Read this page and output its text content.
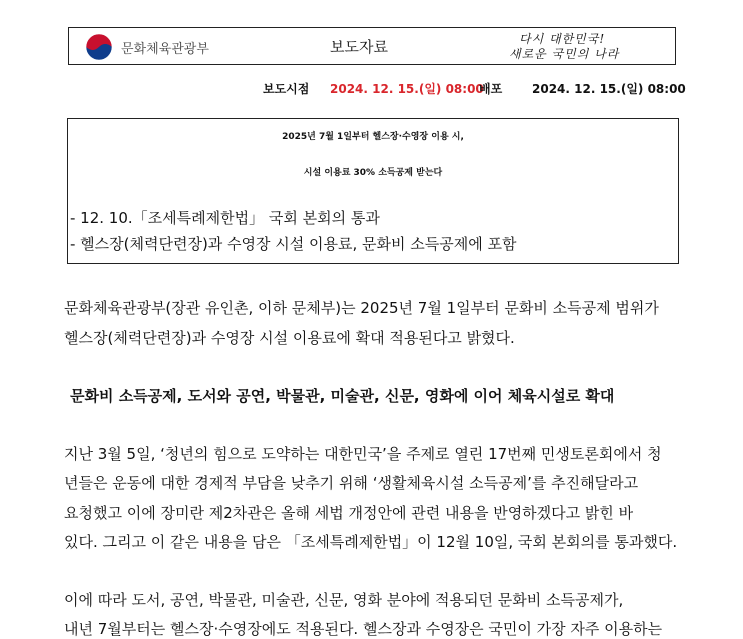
문화체육관광부	보도자료	다시 대한민국!
새로운 국민의 나라
보도시점 2024. 12. 15.(일) 08:00
배포 2024. 12. 15.(일) 08:00
2025년 7월 1일부터 헬스장·수영장 이용 시,
시설 이용료 30% 소득공제 받는다
- 12. 10.「조세특례제한법」 국회 본회의 통과
- 헬스장(체력단련장)과 수영장 시설 이용료, 문화비 소득공제에 포함
문화체육관광부(장관 유인촌, 이하 문체부)는 2025년 7월 1일부터 문화비 소득공제 범위가
헬스장(체력단련장)과 수영장 시설 이용료에 확대 적용된다고 밝혔다.
문화비 소득공제, 도서와 공연, 박물관, 미술관, 신문, 영화에 이어 체육시설로 확대
지난 3월 5일, ‘청년의 힘으로 도약하는 대한민국’을 주제로 열린 17번째 민생토론회에서 청
년들은 운동에 대한 경제적 부담을 낮추기 위해 ‘생활체육시설 소득공제’를 추진해달라고
요청했고 이에 장미란 제2차관은 올해 세법 개정안에 관련 내용을 반영하겠다고 밝힌 바
있다. 그리고 이 같은 내용을 담은 「조세특례제한법」이 12월 10일, 국회 본회의를 통과했다.
이에 따라 도서, 공연, 박물관, 미술관, 신문, 영화 분야에 적용되던 문화비 소득공제가,
내년 7월부터는 헬스장·수영장에도 적용된다. 헬스장과 수영장은 국민이 가장 자주 이용하는
